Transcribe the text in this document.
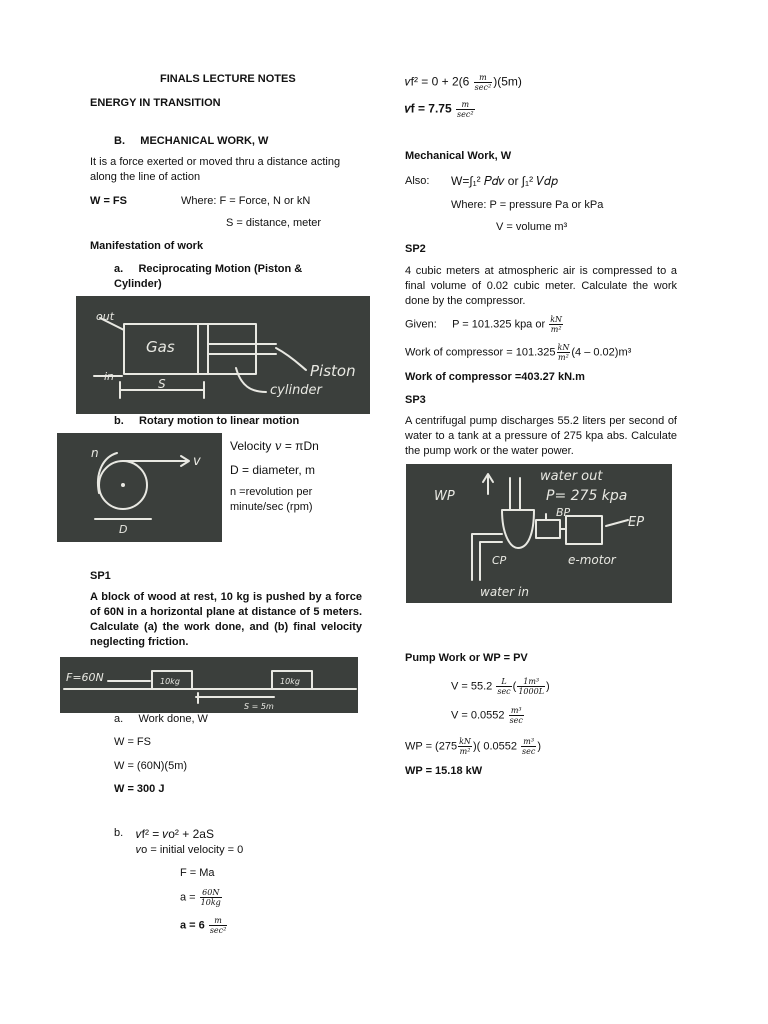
FINALS LECTURE NOTES
ENERGY IN TRANSITION
B.     MECHANICAL WORK, W
It is a force exerted or moved thru a distance acting along the line of action
W = FS	Where: F = Force, N or kN
S = distance, meter
Manifestation of work
a.     Reciprocating Motion (Piston & Cylinder)
out
in
Gas
S
Piston
cylinder
b.     Rotary motion to linear motion
n
v
D
Velocity 𝑣 = πDn
D = diameter, m
n =revolution per minute/sec (rpm)
SP1
A block of wood at rest, 10 kg is pushed by a force of 60N in a horizontal plane at distance of 5 meters. Calculate (a) the work done, and (b) final velocity neglecting friction.
F=60N	10kg	10kg
S = 5m
a.     Work done, W
W = FS
W = (60N)(5m)
W = 300 J
b. 𝑣f² = 𝑣o² + 2aS
𝑣o = initial velocity = 0
F = Ma
$a = \frac{60N}{10kg}$
$a = 6 \frac{m}{\text{sec²}}$
𝑣f² = $0 + 2(6 \frac{m}{\text{sec²}} )(5m)$
𝑣f = $7.75 \frac{m}{\text{sec²}}$
Mechanical Work, W
Also: W=∫₁² 𝑃𝑑𝑣 or ∫₁² 𝑉𝑑𝑝
Where: P = pressure Pa or kPa
V = volume m³
SP2
4 cubic meters at atmospheric air is compressed to a final volume of 0.02 cubic meter. Calculate the work done by the compressor.
Given:     P = 101.325 kpa or $\frac{kN}{\text{m²}}$
Work of compressor = $101.325 \frac{kN}{\text{m²}} (4 - 0.02)m^3$
Work of compressor =403.27 kN.m
SP3
A centrifugal pump discharges 55.2 liters per second of water to a tank at a pressure of 275 kpa abs. Calculate the pump work or the water power.
WP
water out
P= 275 kpa
BP
EP
CP	e-motor
water in
Pump Work or WP = PV
$V = 55.2 \frac{L}{\sec}$ ( $\frac{\text{1m³}}{1000L}$ )
$V = 0.0552 \frac{\text{m³}}{\sec}$
WP = ($275 \frac{kN}{\text{m²}}$ )( $0.0552 \frac{\text{m³}}{\sec}$ )
WP = 15.18 kW
